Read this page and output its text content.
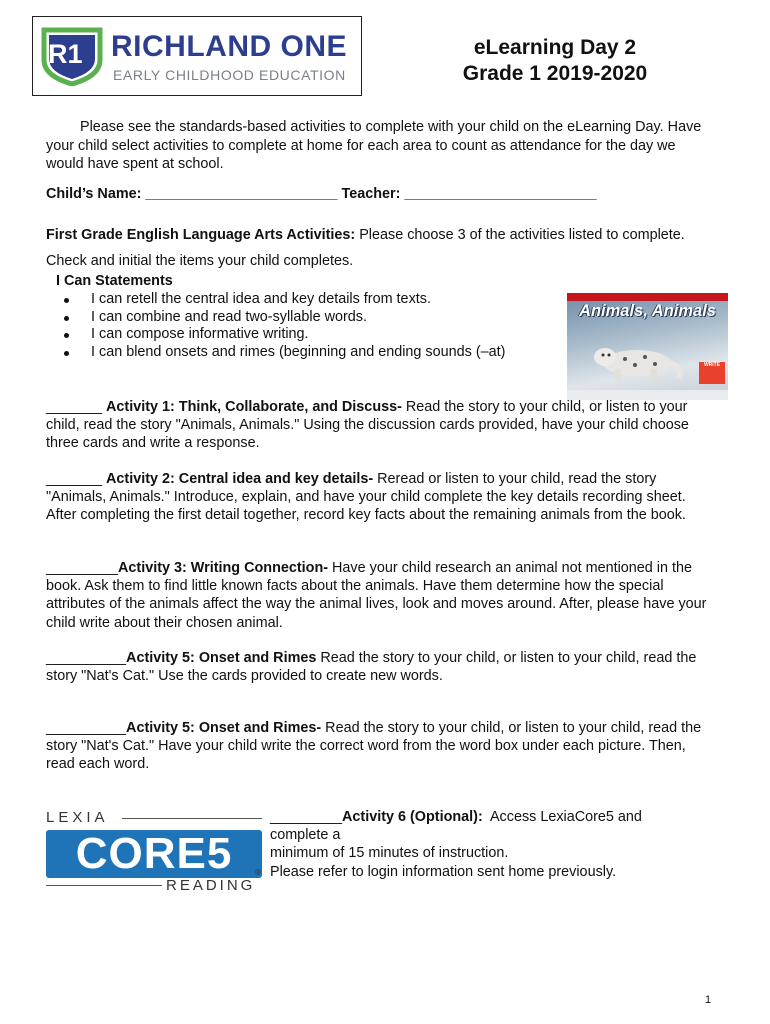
R1 RICHLAND ONE
EARLY CHILDHOOD EDUCATION
eLearning Day 2
Grade 1 2019-2020

Please see the standards-based activities to complete with your child on the eLearning Day. Have your child select activities to complete at home for each area to count as attendance for the day we would have spent at school.

Child’s Name: ________________________ Teacher: ________________________

First Grade English Language Arts Activities: Please choose 3 of the activities listed to complete. Check and initial the items your child completes.

I Can Statements

I can retell the central idea and key details from texts.
I can combine and read two-syllable words.
I can compose informative writing.
I can blend onsets and rimes (beginning and ending sounds (–at)
Animals, Animals
WRITE

_______ Activity 1: Think, Collaborate, and Discuss- Read the story to your child, or listen to your child, read the story "Animals, Animals." Using the discussion cards provided, have your child choose three cards and write a response.

_______ Activity 2: Central idea and key details- Reread or listen to your child, read the story "Animals, Animals." Introduce, explain, and have your child complete the key details recording sheet. After completing the first detail together, record key facts about the remaining animals from the book.

_________Activity 3: Writing Connection- Have your child research an animal not mentioned in the book. Ask them to find little known facts about the animals. Have them determine how the special attributes of the animals affect the way the animal lives, look and moves around. After, please have your child write about their chosen animal.

__________Activity 5: Onset and Rimes Read the story to your child, or listen to your child, read the story "Nat's Cat." Use the cards provided to create new words.

__________Activity 5: Onset and Rimes- Read the story to your child, or listen to your child, read the story "Nat's Cat." Have your child write the correct word from the word box under each picture. Then, read each word.

LEXIA
CORE5	®
READING

_________Activity 6 (Optional):  Access LexiaCore5 and

complete a

minimum of 15 minutes of instruction.

Please refer to login information sent home previously.

1
